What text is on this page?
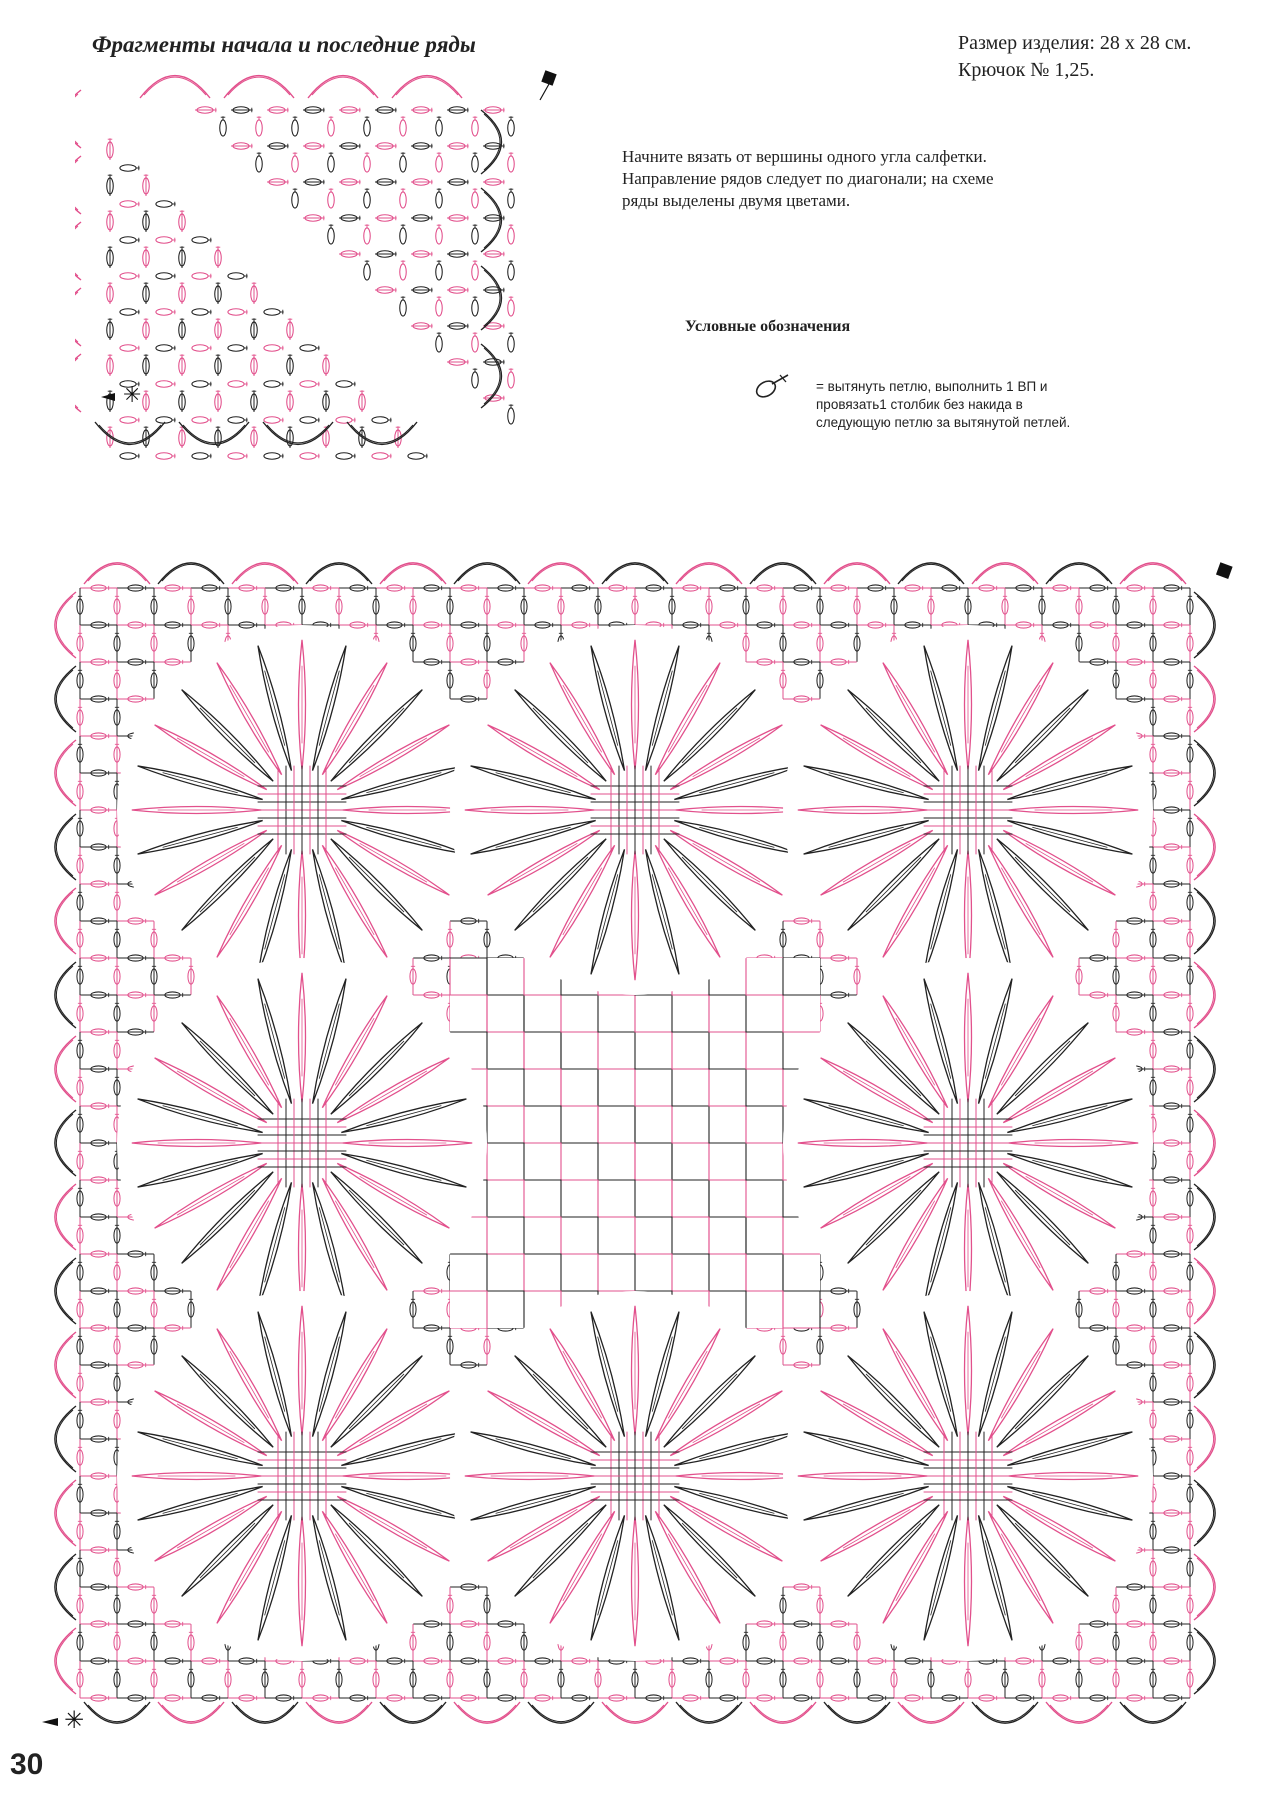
Фрагменты начала и последние ряды	Размер изделия: 28 x 28 см.
Крючок № 1,25.
Начните вязать от вершины одного угла салфетки. Направление рядов следует по диагонали; на схеме ряды выделены двумя цветами.
Условные обозначения
= вытянуть петлю, выполнить 1 ВП и провязать1 столбик без накида в следующую петлю за вытянутой петлей.
✳
✳
30
